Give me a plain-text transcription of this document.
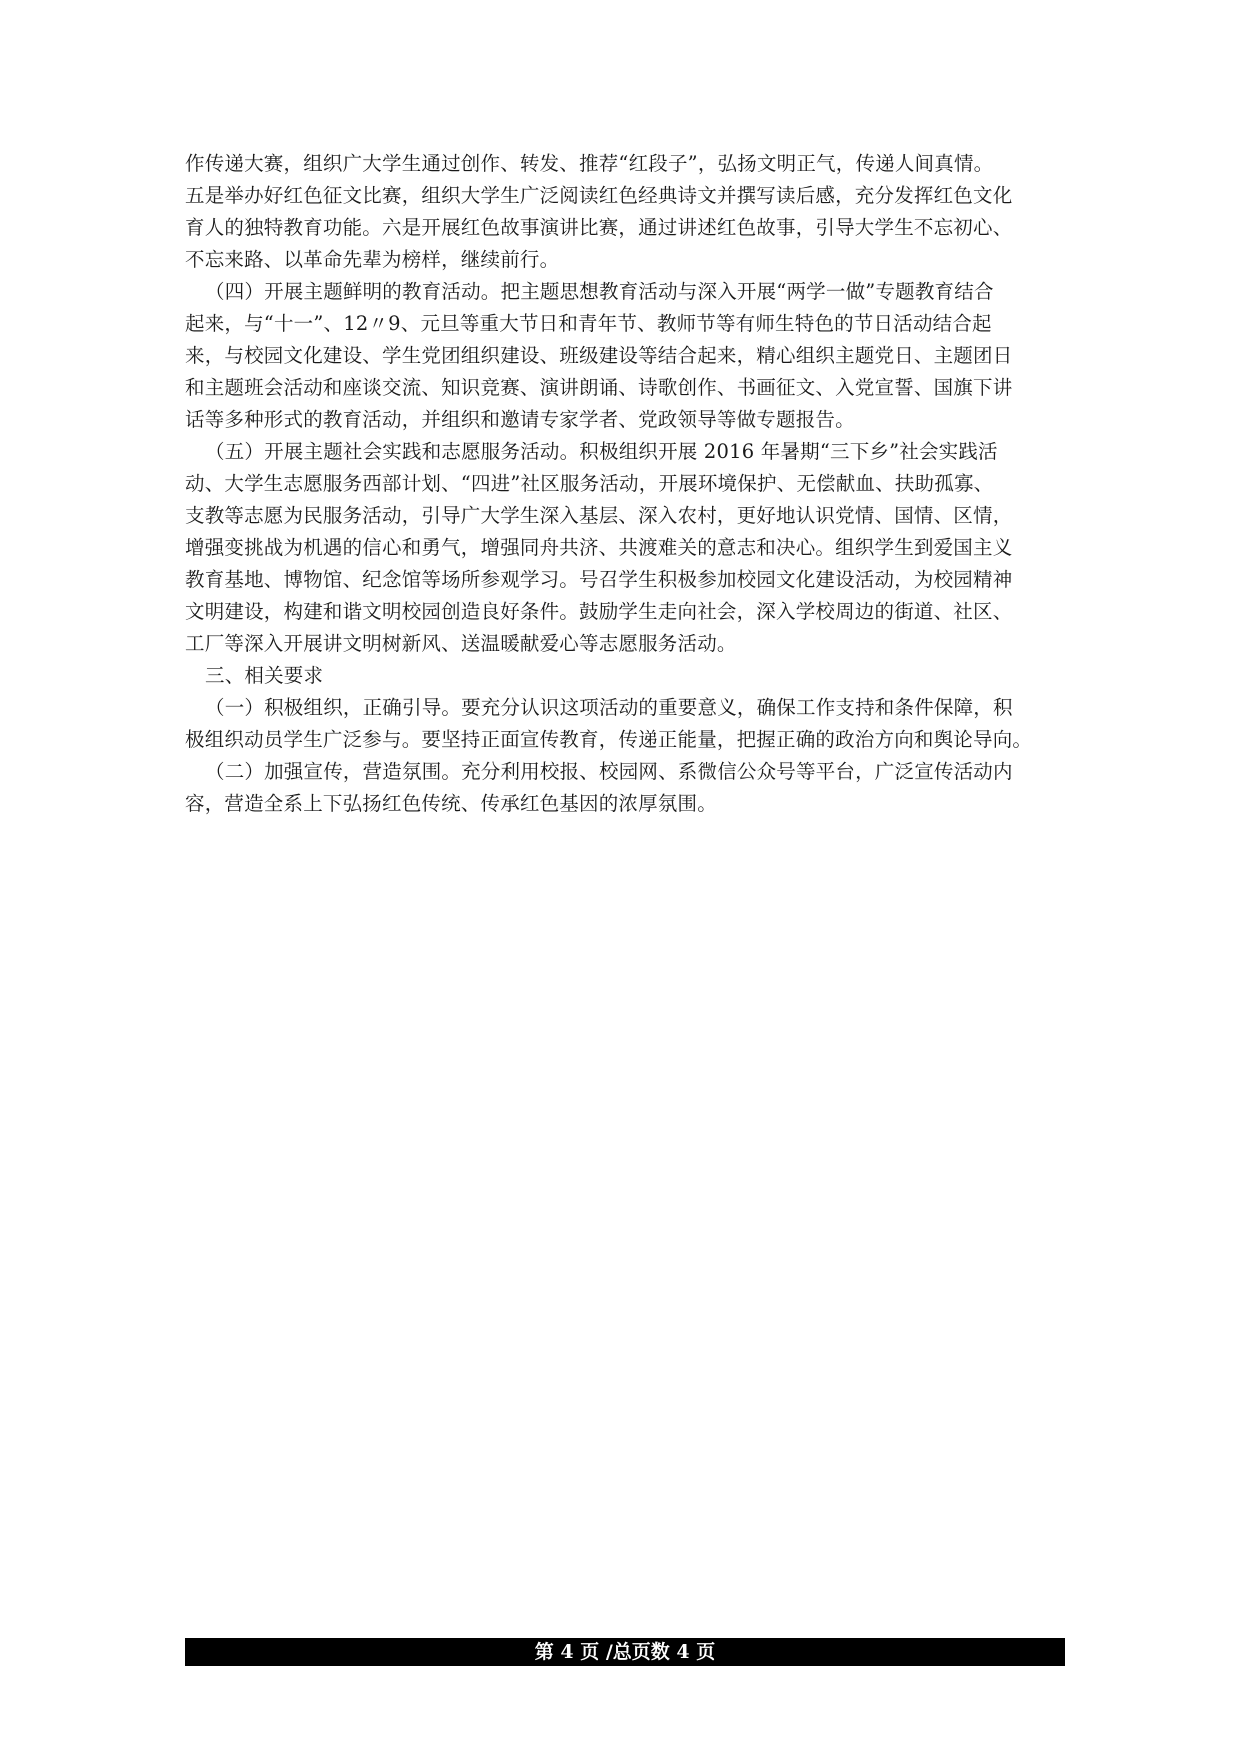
作传递大赛，组织广大学生通过创作、转发、推荐“红段子”，弘扬文明正气，传递人间真情。
五是举办好红色征文比赛，组织大学生广泛阅读红色经典诗文并撰写读后感，充分发挥红色文化
育人的独特教育功能。六是开展红色故事演讲比赛，通过讲述红色故事，引导大学生不忘初心、
不忘来路、以革命先辈为榜样，继续前行。
（四）开展主题鲜明的教育活动。把主题思想教育活动与深入开展“两学一做”专题教育结合
起来，与“十一”、12〃9、元旦等重大节日和青年节、教师节等有师生特色的节日活动结合起
来，与校园文化建设、学生党团组织建设、班级建设等结合起来，精心组织主题党日、主题团日
和主题班会活动和座谈交流、知识竞赛、演讲朗诵、诗歌创作、书画征文、入党宣誓、国旗下讲
话等多种形式的教育活动，并组织和邀请专家学者、党政领导等做专题报告。
（五）开展主题社会实践和志愿服务活动。积极组织开展 2016 年暑期“三下乡”社会实践活
动、大学生志愿服务西部计划、“四进”社区服务活动，开展环境保护、无偿献血、扶助孤寡、
支教等志愿为民服务活动，引导广大学生深入基层、深入农村，更好地认识党情、国情、区情，
增强变挑战为机遇的信心和勇气，增强同舟共济、共渡难关的意志和决心。组织学生到爱国主义
教育基地、博物馆、纪念馆等场所参观学习。号召学生积极参加校园文化建设活动，为校园精神
文明建设，构建和谐文明校园创造良好条件。鼓励学生走向社会，深入学校周边的街道、社区、
工厂等深入开展讲文明树新风、送温暖献爱心等志愿服务活动。
三、相关要求
（一）积极组织，正确引导。要充分认识这项活动的重要意义，确保工作支持和条件保障，积
极组织动员学生广泛参与。要坚持正面宣传教育，传递正能量，把握正确的政治方向和舆论导向。
（二）加强宣传，营造氛围。充分利用校报、校园网、系微信公众号等平台，广泛宣传活动内
容，营造全系上下弘扬红色传统、传承红色基因的浓厚氛围。
第 4 页 /总页数 4 页
